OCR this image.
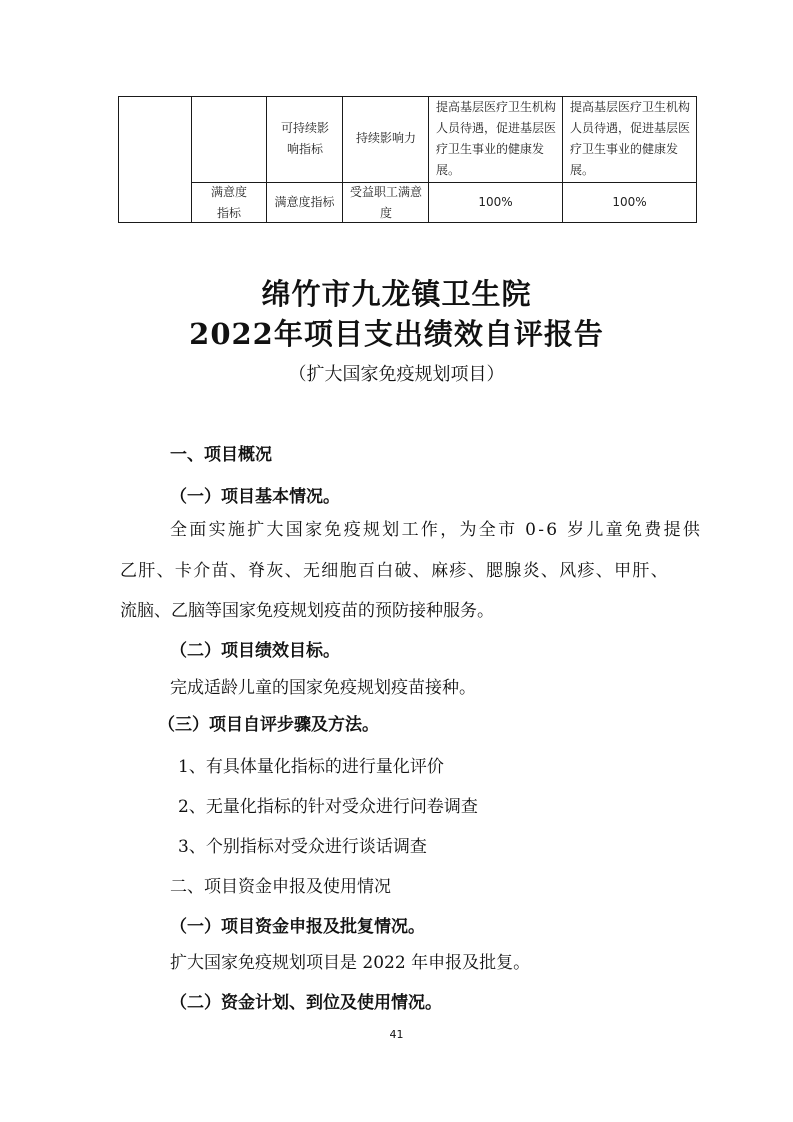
可持续影响指标
持续影响力
提高基层医疗卫生机构人员待遇，促进基层医疗卫生事业的健康发展。
提高基层医疗卫生机构人员待遇，促进基层医疗卫生事业的健康发展。
满意度指标
满意度指标
受益职工满意度
100%	100%
绵竹市九龙镇卫生院
2022年项目支出绩效自评报告
（扩大国家免疫规划项目）
一、项目概况
（一）项目基本情况。
全面实施扩大国家免疫规划工作，为全市 0-6 岁儿童免费提供
乙肝、卡介苗、脊灰、无细胞百白破、麻疹、腮腺炎、风疹、甲肝、
流脑、乙脑等国家免疫规划疫苗的预防接种服务。
（二）项目绩效目标。
完成适龄儿童的国家免疫规划疫苗接种。
（三）项目自评步骤及方法。
1、有具体量化指标的进行量化评价
2、无量化指标的针对受众进行问卷调查
3、个别指标对受众进行谈话调查
二、项目资金申报及使用情况
（一）项目资金申报及批复情况。
扩大国家免疫规划项目是 2022 年申报及批复。
（二）资金计划、到位及使用情况。
41
